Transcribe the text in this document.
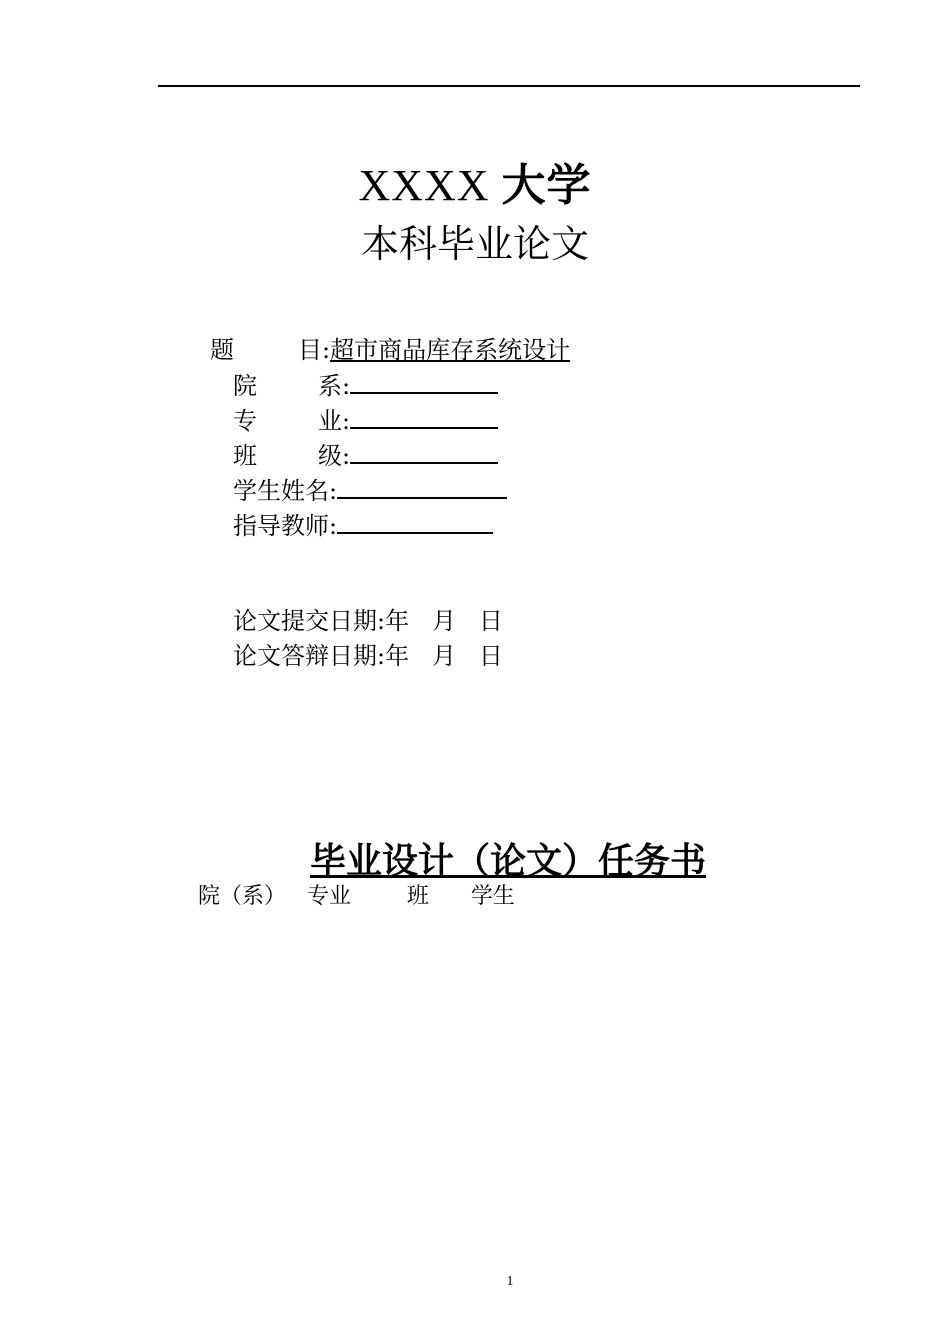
XXXX 大学
本科毕业论文
题	目:超市商品库存系统设计
院	系:
专	业:
班	级:
学生姓名:
指导教师:
论文提交日期:年   月   日
论文答辩日期:年   月   日
毕业设计（论文）任务书
院（系）   专业        班      学生
1
